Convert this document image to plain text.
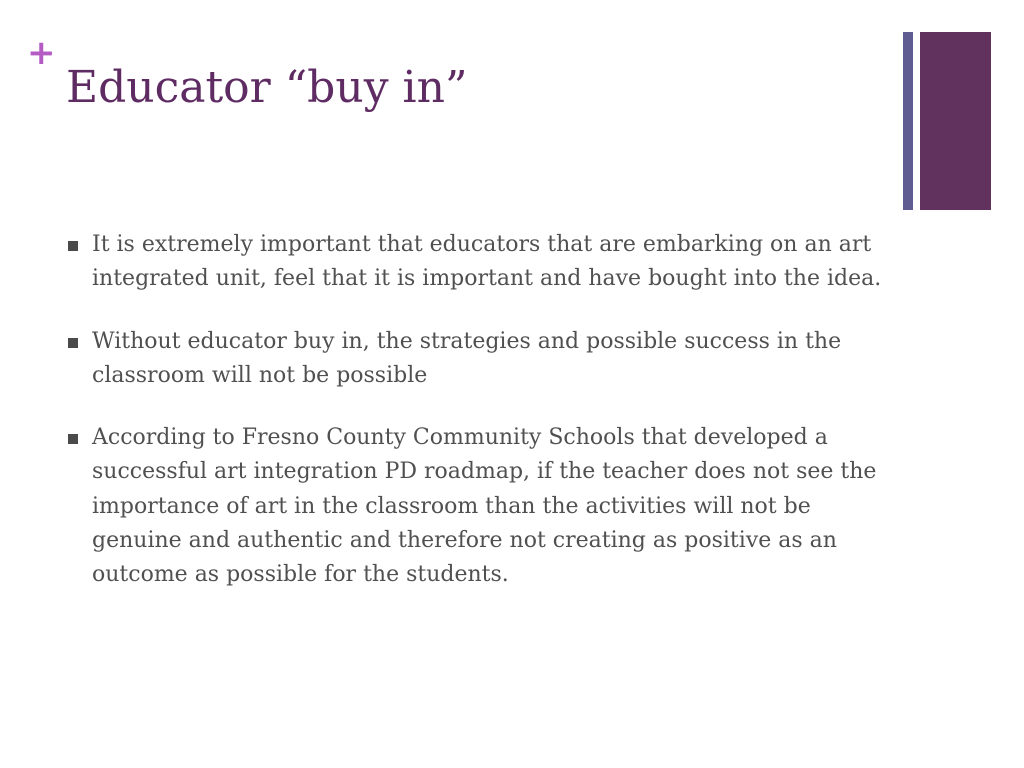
+
Educator “buy in”
It is extremely important that educators that are embarking on an art integrated unit, feel that it is important and have bought into the idea.
Without educator buy in, the strategies and possible success in the classroom will not be possible
According to Fresno County Community Schools that developed a successful art integration PD roadmap, if the teacher does not see the importance of art in the classroom than the activities will not be genuine and authentic and therefore not creating as positive as an outcome as possible for the students.
